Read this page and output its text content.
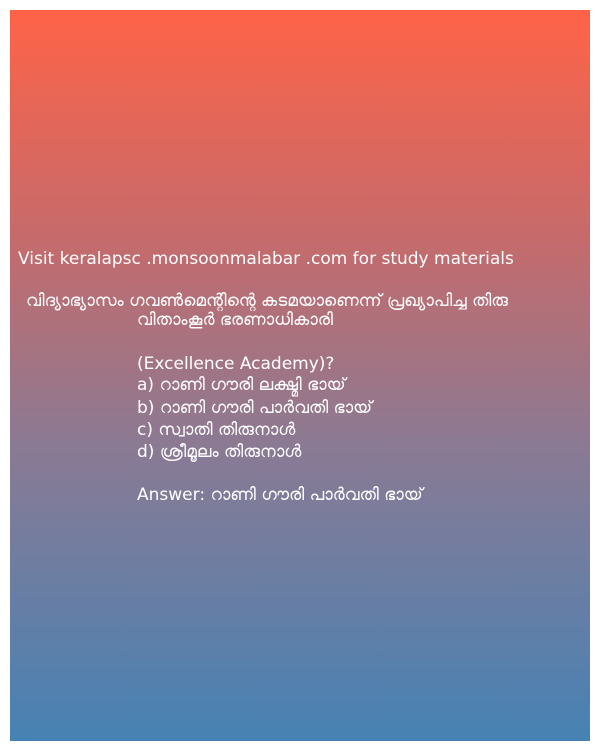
Visit keralapsc .monsoonmalabar .com for study materials
വിദ്യാഭ്യാസം ഗവൺമെന്റിന്റെ കടമയാണെന്ന് പ്രഖ്യാപിച്ച തിരു
വിതാംകൂർ ഭരണാധികാരി
(Excellence Academy)?
a) റാണി ഗൗരി ലക്ഷ്മി ഭായ്
b) റാണി ഗൗരി പാർവതി ഭായ്
c) സ്വാതി തിരുനാൾ
d) ശ്രീമൂലം തിരുനാൾ
Answer: റാണി ഗൗരി പാർവതി ഭായ്
